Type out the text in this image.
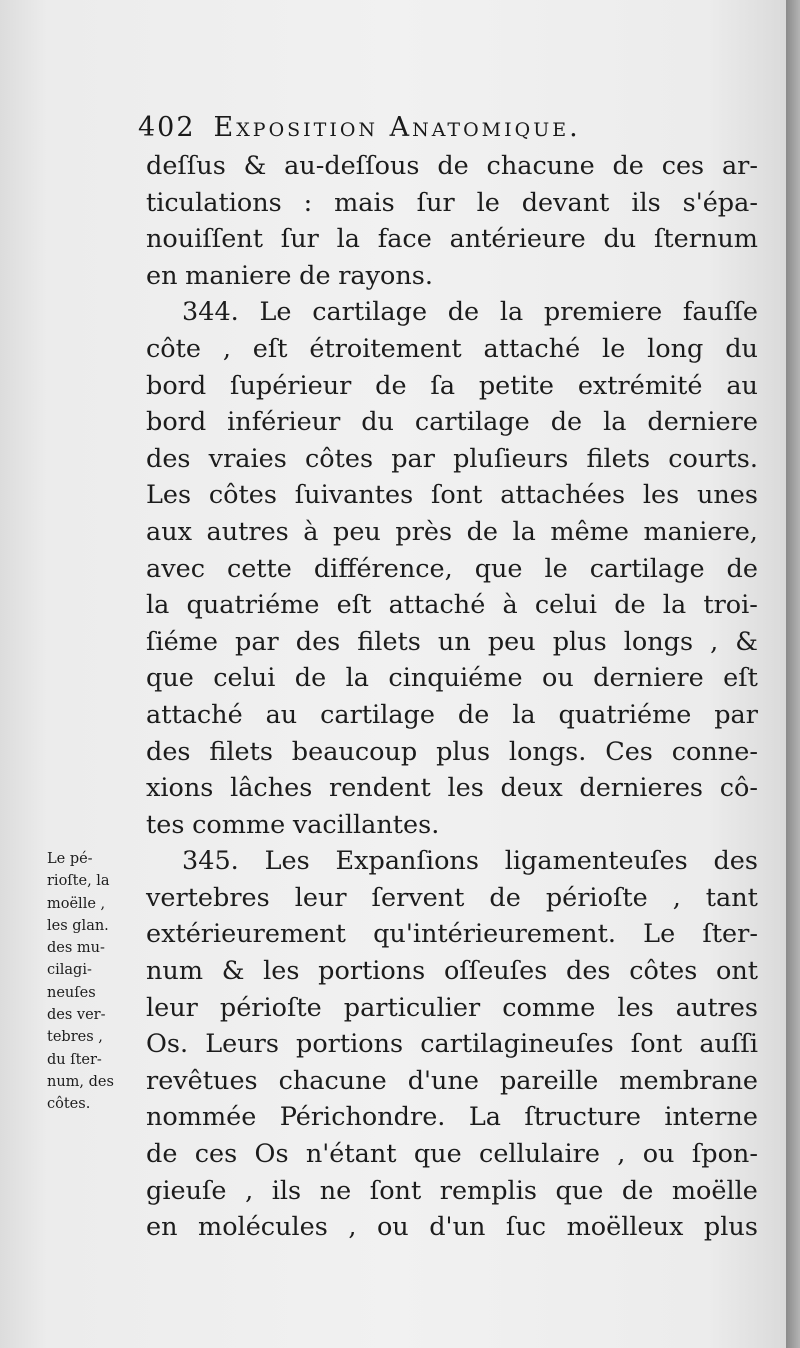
402 Exposition Anatomique.
deſſus & au-deſſous de chacune de ces ar-
ticulations : mais ſur le devant ils s'épa-
nouiſſent ſur la face antérieure du ſternum
en maniere de rayons.
344. Le cartilage de la premiere fauſſe
côte , eſt étroitement attaché le long du
bord ſupérieur de ſa petite extrémité au
bord inférieur du cartilage de la derniere
des vraies côtes par pluſieurs filets courts.
Les côtes ſuivantes ſont attachées les unes
aux autres à peu près de la même maniere,
avec cette différence, que le cartilage de
la quatriéme eſt attaché à celui de la troi-
ſiéme par des filets un peu plus longs , &
que celui de la cinquiéme ou derniere eſt
attaché au cartilage de la quatriéme par
des filets beaucoup plus longs. Ces conne-
xions lâches rendent les deux dernieres cô-
tes comme vacillantes.
345. Les Expanſions ligamenteuſes des
vertebres leur ſervent de périoſte , tant
extérieurement qu'intérieurement. Le ſter-
num & les portions oſſeuſes des côtes ont
leur périoſte particulier comme les autres
Os. Leurs portions cartilagineuſes ſont auſſi
revêtues chacune d'une pareille membrane
nommée Périchondre. La ſtructure interne
de ces Os n'étant que cellulaire , ou ſpon-
gieuſe , ils ne ſont remplis que de moëlle
en molécules , ou d'un ſuc moëlleux plus
Le pé-
rioſte, la
moëlle ,
les glan.
des mu-
cilagi-
neuſes
des ver-
tebres ,
du ſter-
num, des
côtes.
